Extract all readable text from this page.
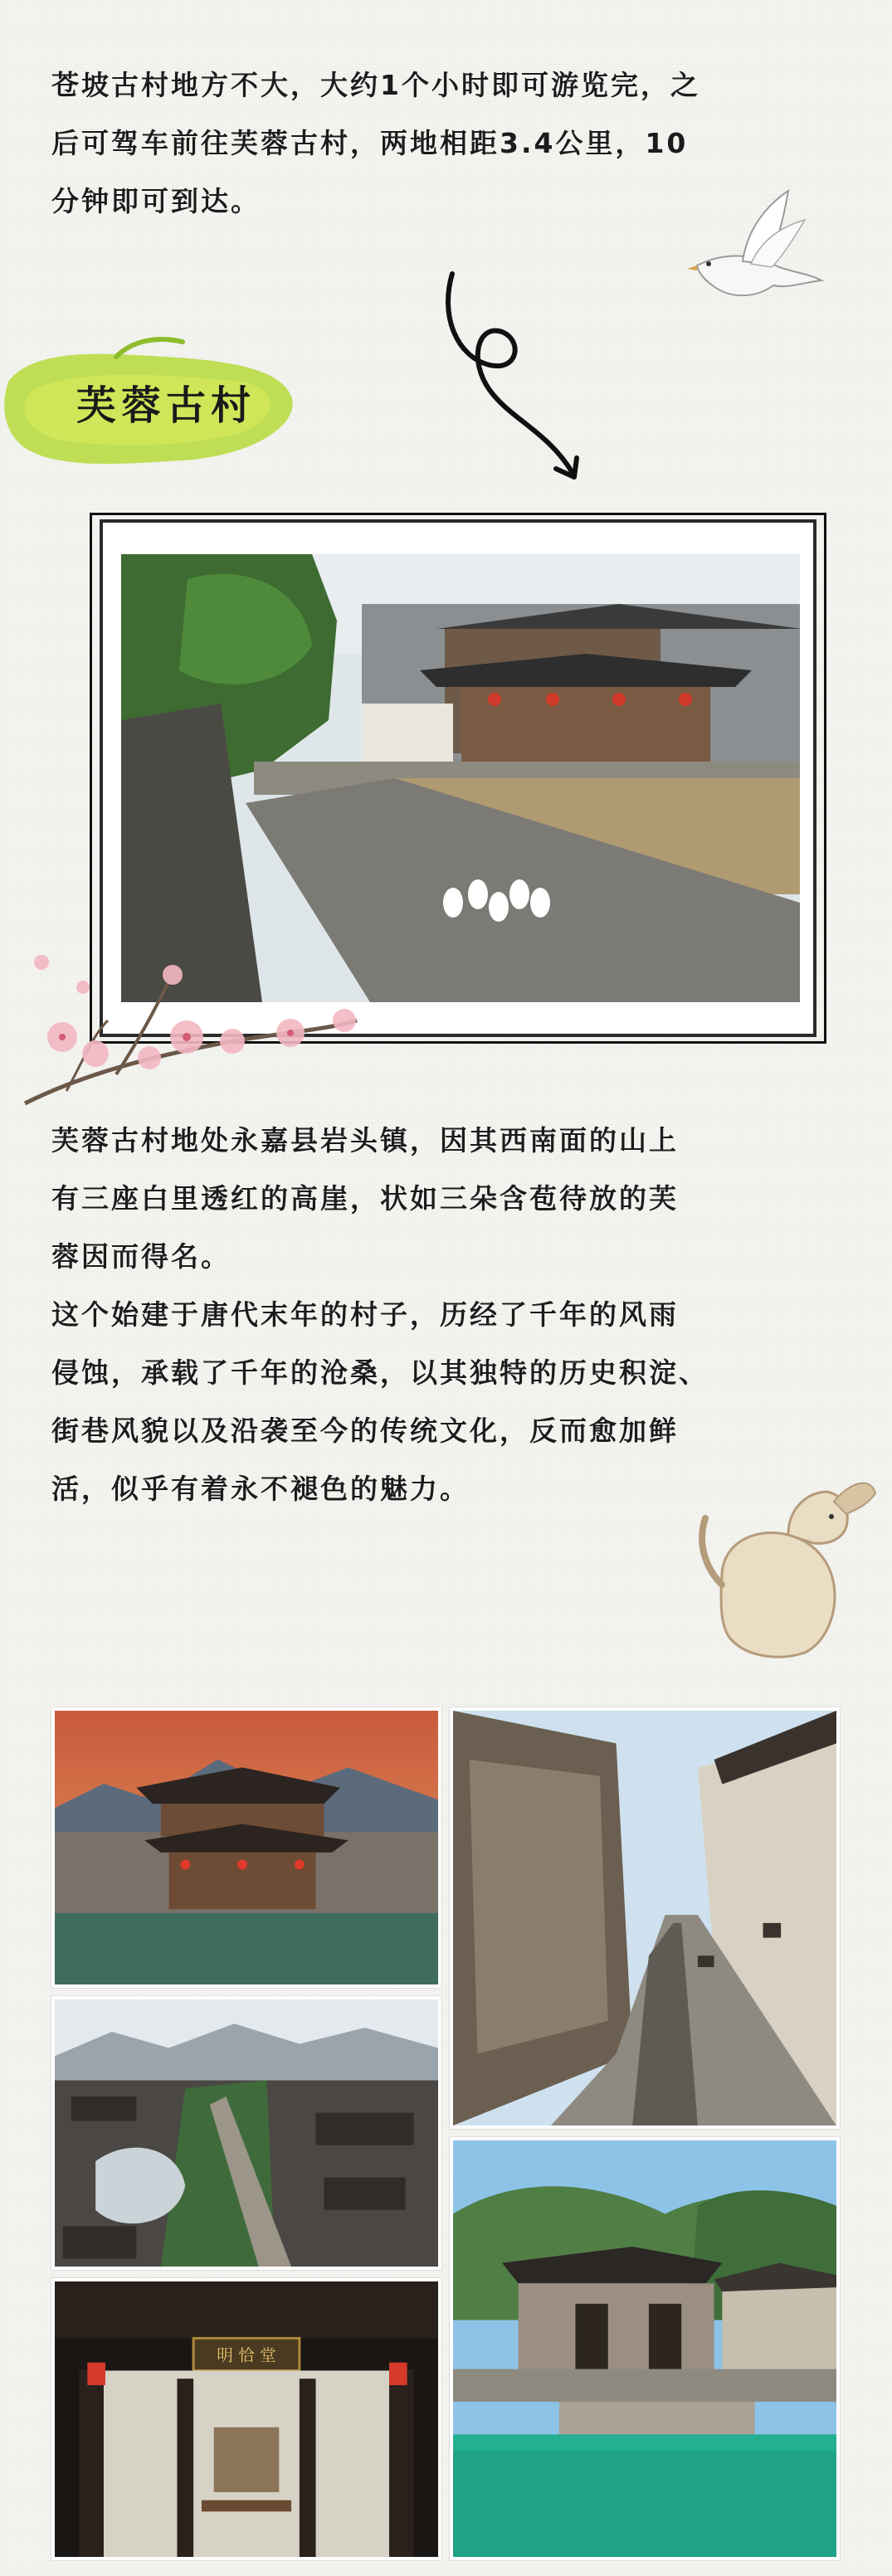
苍坡古村地方不大，大约1个小时即可游览完，之

后可驾车前往芙蓉古村，两地相距3.4公里，10

分钟即可到达。

芙蓉古村

芙蓉古村地处永嘉县岩头镇，因其西南面的山上

有三座白里透红的高崖，状如三朵含苞待放的芙

蓉因而得名。

这个始建于唐代末年的村子，历经了千年的风雨

侵蚀，承载了千年的沧桑，以其独特的历史积淀、

街巷风貌以及沿袭至今的传统文化，反而愈加鲜

活，似乎有着永不褪色的魅力。

明 恰 堂
